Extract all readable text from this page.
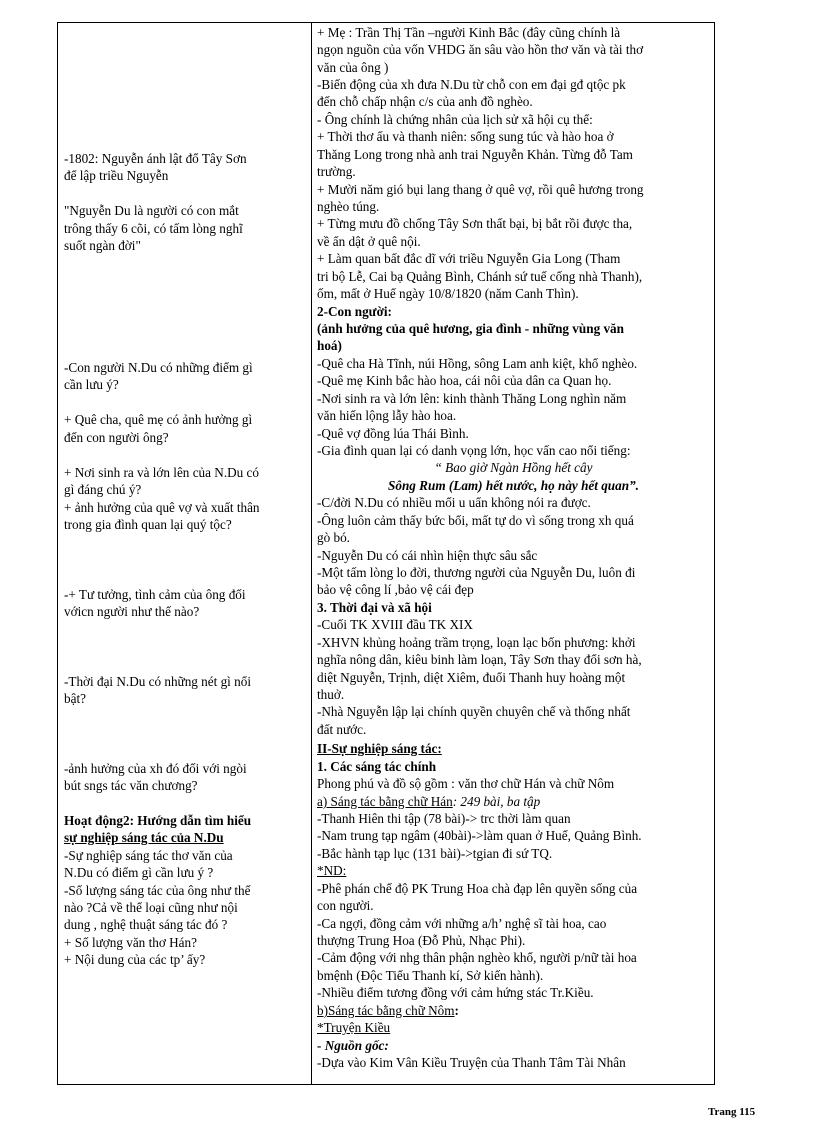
-1802: Nguyễn ánh lật đổ Tây Sơn
để lập triều Nguyễn
"Nguyễn Du là người có con mắt
trông thấy 6 cõi, có tấm lòng nghĩ
suốt ngàn đời"
-Con người N.Du có những điểm gì
cần lưu ý?
+ Quê cha, quê mẹ có ảnh hưởng gì
đến con người ông?
+ Nơi sinh ra và lớn lên của N.Du có
gì đáng chú ý?
+ ảnh hưởng của quê vợ và xuất thân
trong gia đình quan lại quý tộc?
-+ Tư tưởng, tình cảm của ông đối
vớicn người như thế nào?
-Thời đại N.Du có những nét gì nổi
bật?
-ảnh hưởng của xh đó đối với ngòi
bút sngs tác văn chương?
Hoạt động2: Hướng dẫn tìm hiểu
sự nghiệp sáng tác của N.Du
-Sự nghiệp sáng tác thơ văn của
N.Du có điểm gì cần lưu ý ?
-Số lượng sáng tác của ông như thế
nào ?Cả về thể loại cũng như nội
dung , nghệ thuật sáng tác đó ?
+ Số lượng văn thơ Hán?
+ Nội dung của các tp’ ấy?
+ Mẹ : Trần Thị Tần –người Kinh Bắc (đây cũng chính là
ngọn nguồn của vốn VHDG ăn sâu vào hồn thơ văn và tài thơ
văn của ông )
-Biến động của xh đưa N.Du từ chỗ con em đại gđ qtộc pk
đến chỗ chấp nhận c/s của anh đồ nghèo.
- Ông chính là chứng nhân của lịch sử xã hội cụ thể:
+ Thời thơ ấu và thanh niên: sống sung túc và hào hoa ở
Thăng Long trong nhà anh trai Nguyễn Khản. Từng đỗ Tam
trường.
+ Mười năm gió bụi lang thang ở quê vợ, rồi quê hương trong
nghèo túng.
+ Từng mưu đồ chống Tây Sơn thất bại, bị bắt rồi được tha,
về ẩn dật ở quê nội.
+ Làm quan bất đắc dĩ với triều Nguyễn Gia Long (Tham
tri bộ Lễ, Cai bạ Quảng Bình, Chánh sứ tuế cống nhà Thanh),
ốm, mất ở Huế ngày 10/8/1820 (năm Canh Thìn).
2-Con người:
(ảnh hưởng của quê hương, gia đình - những vùng văn
hoá)
-Quê cha Hà Tĩnh, núi Hồng, sông Lam anh kiệt, khổ nghèo.
-Quê mẹ Kinh bắc hào hoa, cái nôi của dân ca Quan họ.
-Nơi sinh ra và lớn lên: kinh thành Thăng Long nghìn năm
văn hiến lộng lẫy hào hoa.
-Quê vợ đồng lúa Thái Bình.
-Gia đình quan lại có danh vọng lớn, học vấn cao nổi tiếng:
“ Bao giờ Ngàn Hồng hết cây
Sông Rum (Lam) hết nước, họ này hết quan”.
-C/đời N.Du có nhiều mối u uẩn không nói ra được.
-Ông luôn cảm thấy bức bối, mất tự do vì sống trong xh quá
gò bó.
-Nguyễn Du có cái nhìn hiện thực sâu sắc
-Một tấm lòng lo đời, thương người của Nguyễn Du, luôn đi
bảo vệ công lí ,bảo vệ cái đẹp
3. Thời đại và xã hội
-Cuối TK XVIII đầu TK XIX
-XHVN khủng hoảng trầm trọng, loạn lạc bốn phương: khởi
nghĩa nông dân, kiêu binh làm loạn, Tây Sơn thay đổi sơn hà,
diệt Nguyễn, Trịnh, diệt Xiêm, đuổi Thanh huy hoàng một
thuở.
-Nhà Nguyễn lập lại chính quyền chuyên chế và thống nhất
đất nước.
II-Sự nghiệp sáng tác:
1. Các sáng tác chính
Phong phú và đồ sộ gồm : văn thơ chữ Hán và chữ Nôm
a) Sáng tác bằng chữ Hán: 249 bài, ba tập
-Thanh Hiên thi tập (78 bài)-> trc thời làm quan
-Nam trung tạp ngâm (40bài)->làm quan ở Huế, Quảng Bình.
-Bắc hành tạp lục (131 bài)->tgian đi sứ TQ.
*ND:
-Phê phán chế độ PK Trung Hoa chà đạp lên quyền sống của
con người.
-Ca ngợi, đồng cảm với những a/h’ nghệ sĩ tài hoa, cao
thượng Trung Hoa (Đỗ Phủ, Nhạc Phi).
-Cảm động với nhg thân phận nghèo khổ, người p/nữ tài hoa
bmệnh (Độc Tiểu Thanh kí, Sở kiến hành).
-Nhiều điểm tương đồng với cảm hứng stác Tr.Kiều.
b)Sáng tác bằng chữ Nôm:
*Truyện Kiều
- Nguồn gốc:
-Dựa vào Kim Vân Kiều Truyện của Thanh Tâm Tài Nhân
Trang 115
